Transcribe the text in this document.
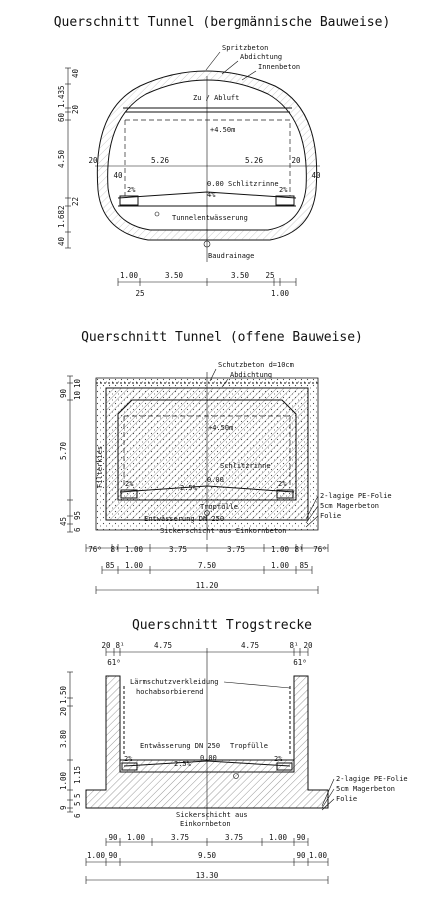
Querschnitt Tunnel (bergmännische Bauweise)
Spritzbeton
Abdichtung
Innenbeton
Zu / Abluft
+4.50m
5.26	5.26
20	20
40	40
0.00 Schlitzrinne
4%
2%	2%
Tunnelentwässerung
Baudrainage
40
1.435
20
60
4.50
22
1.682
40
1.00	3.50	3.50 25
25	1.00
Querschnitt Tunnel (offene Bauweise)
Schutzbeton d=10cm
Abdichtung
+4.50m
Filterkies	Schlitzrinne
2%	2.5%
0.00	2%
Tropfülle
Entwässerung DN 250
Sickerschicht aus Einkornbeton
2-lagige PE-Folie
5cm Magerbeton
Folie
10
90 10
5.70
95
45
6
76⁰ 8¹ 1.00	3.75	3.75	1.00 8¹ 76⁰
85 1.00	7.50	1.00 85
11.20
Querschnitt Trogstrecke
Lärmschutzverkleidung
hochabsorbierend
Entwässerung DN 250 Tropfülle
2%
2.5%
0.00	2%
2-lagige PE-Folie
5cm Magerbeton
Folie
Sickerschicht aus
Einkornbeton
20 8¹	4.75	4.75	8¹ 20
61⁰	61⁰
1.50
20
3.80
1.15
1.00
5
9
5
6
90 1.00	3.75	3.75	1.00 90
1.00 90	9.50	90 1.00
13.30
